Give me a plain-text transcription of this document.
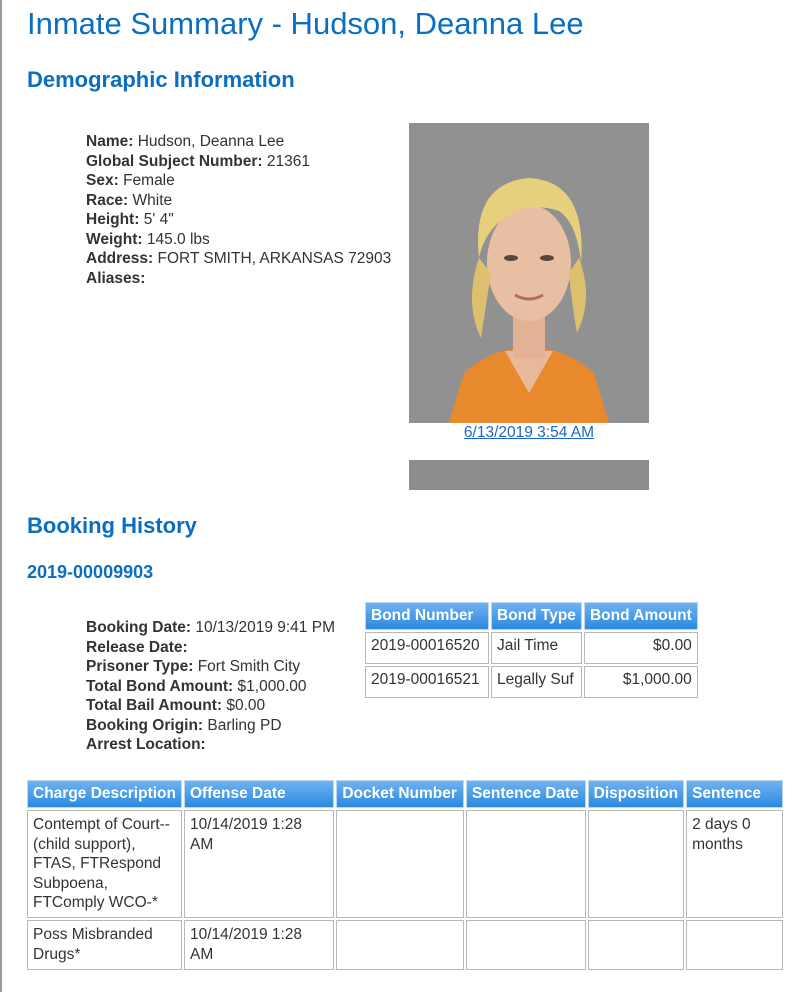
Inmate Summary - Hudson, Deanna Lee
Demographic Information
Name: Hudson, Deanna Lee
Global Subject Number: 21361
Sex: Female
Race: White
Height: 5' 4"
Weight: 145.0 lbs
Address: FORT SMITH, ARKANSAS 72903
Aliases:
6/13/2019 3:54 AM
Booking History
2019-00009903
Booking Date: 10/13/2019 9:41 PM
Release Date:
Prisoner Type: Fort Smith City
Total Bond Amount: $1,000.00
Total Bail Amount: $0.00
Booking Origin: Barling PD
Arrest Location:
Bond Number	Bond Type	Bond Amount
2019-00016520	Jail Time	$0.00
2019-00016521	Legally Suf	$1,000.00
Charge Description	Offense Date	Docket Number	Sentence Date	Disposition	Sentence
Contempt of Court--(child support), FTAS, FTRespond Subpoena, FTComply WCO-*	10/14/2019 1:28 AM				2 days 0 months
Poss Misbranded Drugs*	10/14/2019 1:28 AM				
